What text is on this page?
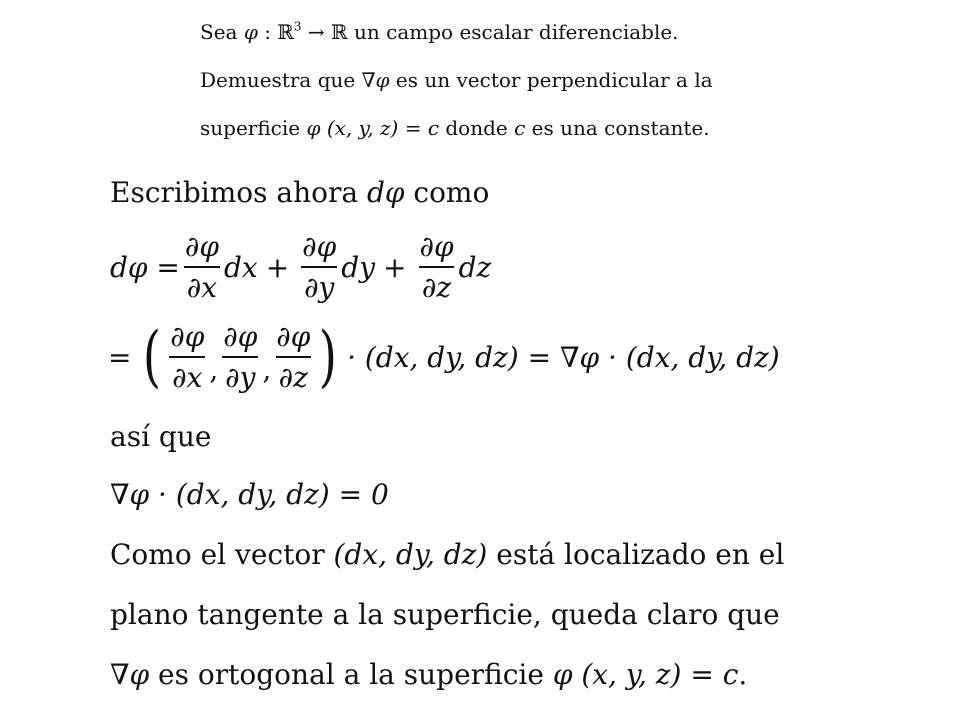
Sea φ : ℝ$^3$ → ℝ un campo escalar diferenciable.
Demuestra que ∇φ es un vector perpendicular a la
superficie φ (x, y, z) = c donde c es una constante.
Escribimos ahora dφ como
$d\varphi = \frac{\partial\varphi}{\partial x}$ dx + $\frac{\partial\varphi}{\partial y}$ dy + $\frac{\partial\varphi}{\partial z}$ dz
= ( $\frac{\partial\varphi}{\partial x}$ , $\frac{\partial\varphi}{\partial y}$ , $\frac{\partial\varphi}{\partial z}$ ) · (dx, dy, dz) = ∇φ · (dx, dy, dz)
así que
∇φ · (dx, dy, dz) = 0
Como el vector (dx, dy, dz) está localizado en el
plano tangente a la superficie, queda claro que
∇φ es ortogonal a la superficie φ (x, y, z) = c.
